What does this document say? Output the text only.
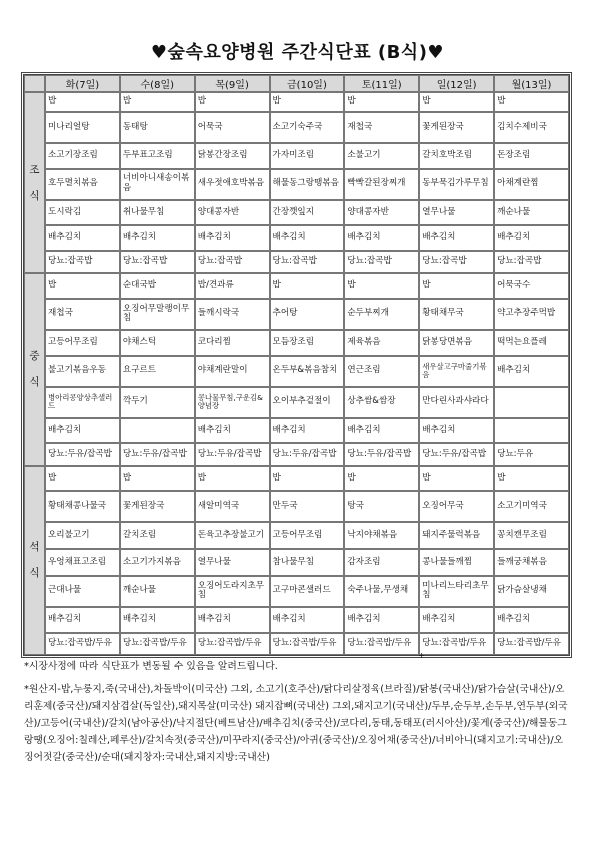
♥숲속요양병원 주간식단표 (B식)♥
	화(7일)	수(8일)	목(9일)	금(10일)	토(11일)	일(12일)	월(13일)

조
식	밥	밥	밥	밥	밥	밥	밥
	미나리얼탕	동태탕	어묵국	소고기숙주국	재첩국	꽃게된장국	김치수제비국
	소고기장조림	두부표고조림	닭봉간장조림	가자미조림	소불고기	갈치호박조림	돈장조림
	호두멸치볶음	너비아니새송이볶음	새우젓애호박볶음	해물동그랑땡볶음	빡빡갈된장찌개	동부묵김가루무침	아채계란찜
	도시락김	취나물무침	양대콩자반	간장깻잎지	양대콩자반	열무나물	깨순나물
	배추김치	배추김치	배추김치	배추김치	배추김치	배추김치	배추김치
	당뇨:잡곡밥	당뇨:잡곡밥	당뇨:잡곡밥	당뇨:잡곡밥	당뇨:잡곡밥	당뇨:잡곡밥	당뇨:잡곡밥

중
식	밥	순대국밥	밥/견과류	밥	밥	밥	어묵국수
	재첩국	오징어무말랭이무침	들깨시락국	추어탕	순두부찌개	황태채무국	약고추장주먹밥
	고등어무조림	야채스틱	코다리찜	모듬장조림	제육볶음	닭봉당면볶음	떡먹는요플레
	불고기볶음우동	요구르트	야채계란말이	온두부&볶음참치	연근조림	새우살고구마줄기볶음	배추김치
	병아리콩양상추샐러드	깍두기	콩나물무침,구운김&양념장	오이부추겉절이	상추쌈&쌈장	만다린사과샤라다	
	배추김치		배추김치	배추김치	배추김치	배추김치	
	당뇨:두유/잡곡밥	당뇨:두유/잡곡밥	당뇨:두유/잡곡밥	당뇨:두유/잡곡밥	당뇨:두유/잡곡밥	당뇨:두유/잡곡밥	당뇨:두유

석
식	밥	밥	밥	밥	밥	밥	밥
	황태채콩나물국	꽃게된장국	새알미역국	만두국	탕국	오징어무국	소고기미역국
	오리불고기	갈치조림	돈육고추장불고기	고등어무조림	낙지야채볶음	돼지주물럭볶음	꽁치캔무조림
	우엉채표고조림	소고기가지볶음	열무나물	참나물무침	감자조림	콩나물들깨찜	들깨궁채볶음
	근대나물	깨순나물	오징어도라지초무침	고구마콘샐러드	숙주나물,무생채	미나리느타리초무침	닭가슴살냉채
	배추김치	배추김치	배추김치	배추김치	배추김치	배추김치	배추김치
	당뇨:잡곡밥/두유	당뇨:잡곡밥/두유	당뇨:잡곡밥/두유	당뇨:잡곡밥/두유	당뇨:잡곡밥/두유	당뇨:잡곡밥/두유	당뇨:잡곡밥/두유
+
*시장사정에 따라 식단표가 변동될 수 있음을 알려드립니다.
*원산지-밥,누룽지,죽(국내산),차돌박이(미국산) 그외, 소고기(호주산)/닭다리살정육(브라질)/닭봉(국내산)/닭가슴살(국내산)/오리훈제(중국산)/돼지삼겹살(독일산),돼지목살(미국산) 돼지잡뼈(국내산) 그외,돼지고기(국내산)/두부,순두부,손두부,연두부(외국산)/고등어(국내산)/갈치(남아공산)/낙지절단(베트남산)/배추김치(중국산)/코다리,동태,동태포(러시아산)/꽃게(중국산)/해물동그랑땡(오징어:칠레산,페루산)/갈치속젓(중국산)/미꾸라지(중국산)/아귀(중국산)/오징어채(중국산)/너비아니(돼지고기:국내산)/오징어젓갈(중국산)/순대(돼지창자:국내산,돼지지방:국내산)
